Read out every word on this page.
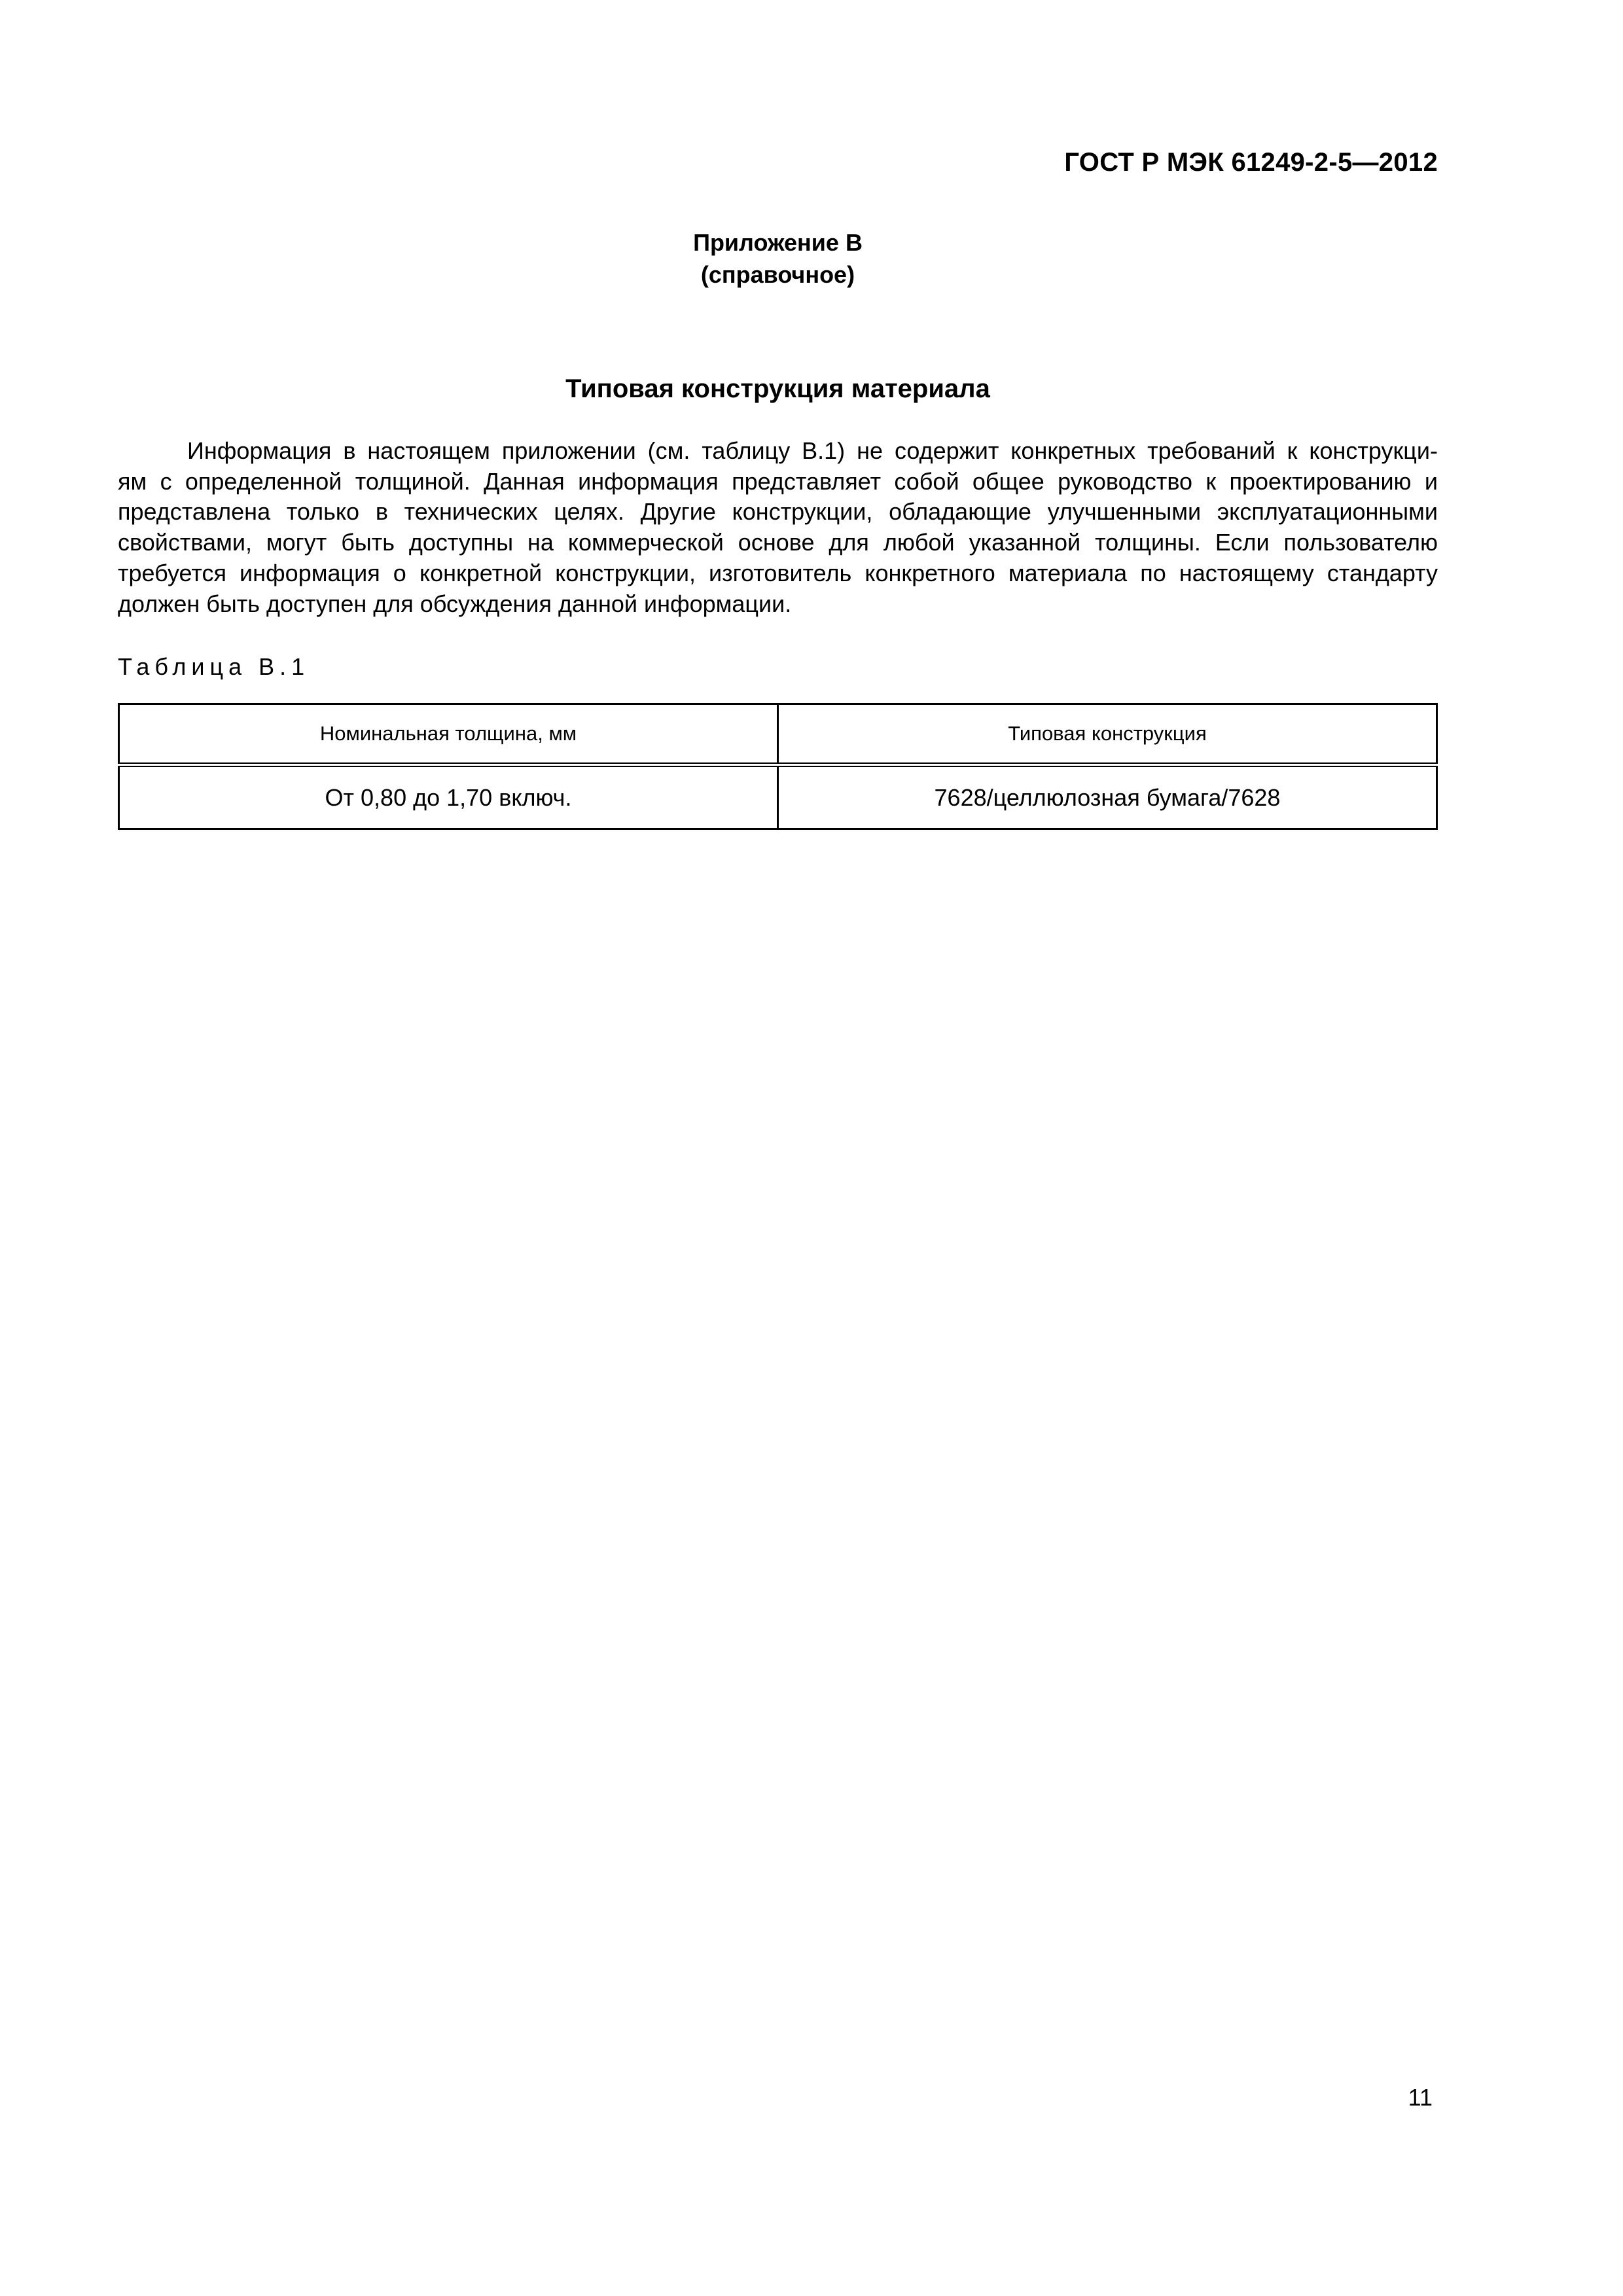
ГОСТ Р МЭК 61249-2-5—2012
Приложение В
(справочное)
Типовая конструкция материала

Информация в настоящем приложении (см. таблицу В.1) не содержит конкретных требований к конструкци-
ям с определенной толщиной. Данная информация представляет собой общее руководство к проектированию и
представлена только в технических целях. Другие конструкции, обладающие улучшенными эксплуатационными
свойствами, могут быть доступны на коммерческой основе для любой указанной толщины. Если пользователю
требуется информация о конкретной конструкции, изготовитель конкретного материала по настоящему стандарту
должен быть доступен для обсуждения данной информации.

Таблица В.1
Номинальная толщина, мм	Типовая конструкция
От 0,80 до 1,70 включ.	7628/целлюлозная бумага/7628
11
